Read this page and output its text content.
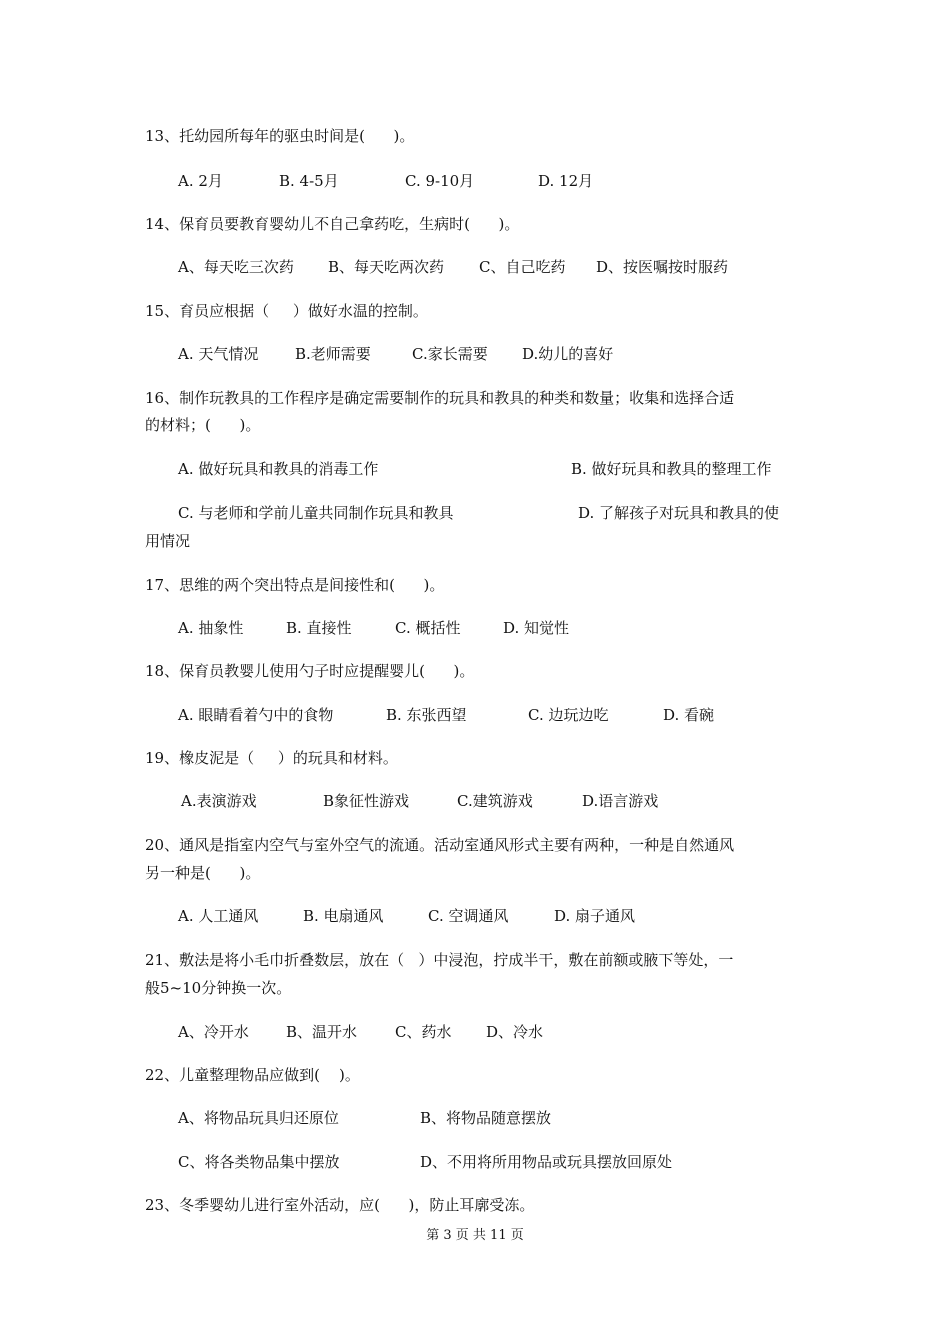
13、托幼园所每年的驱虫时间是(      )。
A. 2月	B. 4-5月	C. 9-10月	D. 12月
14、保育员要教育婴幼儿不自己拿药吃，生病时(      )。
A、每天吃三次药 B、每天吃两次药 C、自己吃药 D、按医嘱按时服药
15、育员应根据（     ）做好水温的控制。
A. 天气情况 B.老师需要	C.家长需要 D.幼儿的喜好
16、制作玩教具的工作程序是确定需要制作的玩具和教具的种类和数量；收集和选择合适
的材料；(      )。
A. 做好玩具和教具的消毒工作	B. 做好玩具和教具的整理工作
C. 与老师和学前儿童共同制作玩具和教具	D. 了解孩子对玩具和教具的使
用情况
17、思维的两个突出特点是间接性和(      )。
A. 抽象性	B. 直接性	C. 概括性	D. 知觉性
18、保育员教婴儿使用勺子时应提醒婴儿(      )。
A. 眼睛看着勺中的食物	B. 东张西望	C. 边玩边吃	D. 看碗
19、橡皮泥是（     ）的玩具和材料。
A.表演游戏	B象征性游戏	C.建筑游戏	D.语言游戏
20、通风是指室内空气与室外空气的流通。活动室通风形式主要有两种，一种是自然通风
另一种是(      )。
A. 人工通风	B. 电扇通风	C. 空调通风	D. 扇子通风
21、敷法是将小毛巾折叠数层，放在（   ）中浸泡，拧成半干，敷在前额或腋下等处，一
般5~10分钟换一次。
A、冷开水 B、温开水	C、药水 D、冷水
22、儿童整理物品应做到(    )。
A、将物品玩具归还原位	B、将物品随意摆放
C、将各类物品集中摆放	D、不用将所用物品或玩具摆放回原处
23、冬季婴幼儿进行室外活动，应(      )，防止耳廓受冻。
第 3 页 共 11 页
